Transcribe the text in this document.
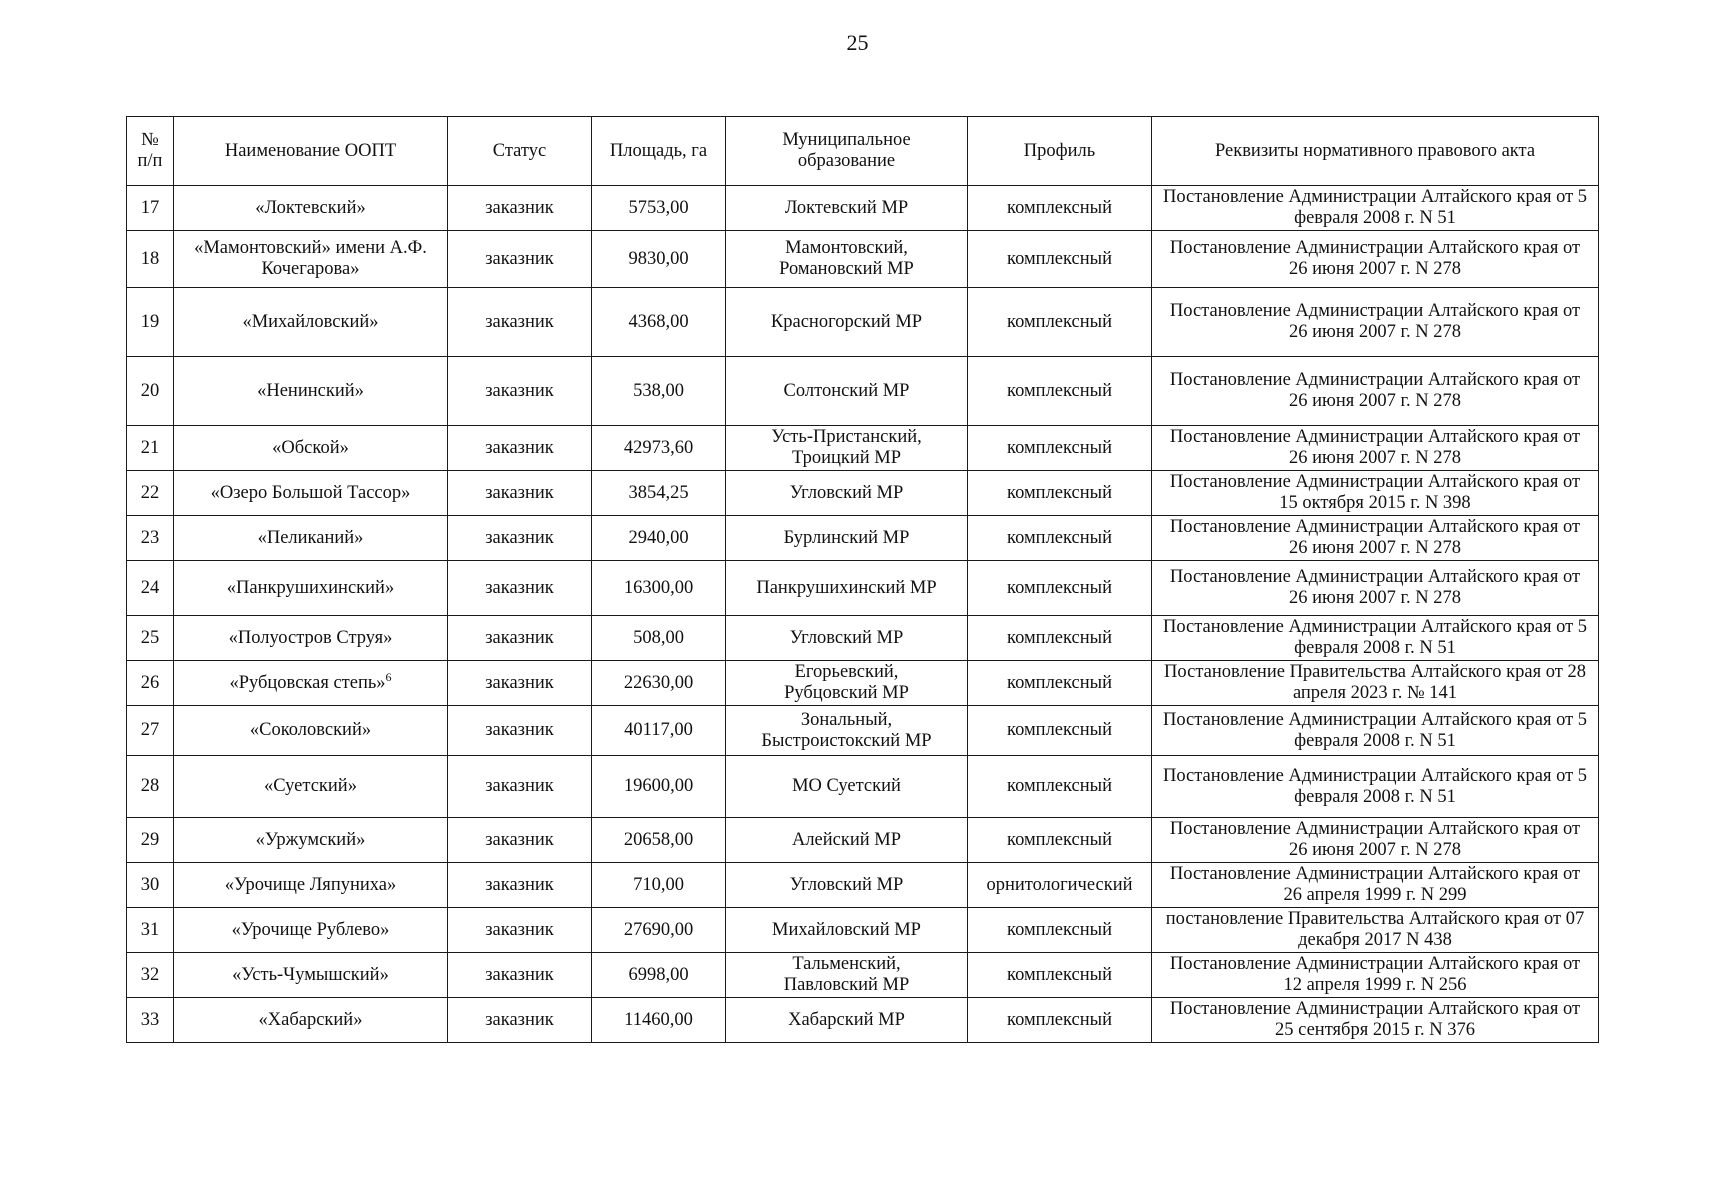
25
№ п/п	Наименование ООПТ	Статус	Площадь, га	Муниципальное образование	Профиль	Реквизиты нормативного правового акта
17	«Локтевский»	заказник	5753,00	Локтевский МР	комплексный	Постановление Администрации Алтайского края от 5 февраля 2008 г. N 51
18	«Мамонтовский» имени А.Ф. Кочегарова»	заказник	9830,00	Мамонтовский, Романовский МР	комплексный	Постановление Администрации Алтайского края от 26 июня 2007 г. N 278
19	«Михайловский»	заказник	4368,00	Красногорский МР	комплексный	Постановление Администрации Алтайского края от 26 июня 2007 г. N 278
20	«Ненинский»	заказник	538,00	Солтонский МР	комплексный	Постановление Администрации Алтайского края от 26 июня 2007 г. N 278
21	«Обской»	заказник	42973,60	Усть-Пристанский, Троицкий МР	комплексный	Постановление Администрации Алтайского края от 26 июня 2007 г. N 278
22	«Озеро Большой Тассор»	заказник	3854,25	Угловский МР	комплексный	Постановление Администрации Алтайского края от 15 октября 2015 г. N 398
23	«Пеликаний»	заказник	2940,00	Бурлинский МР	комплексный	Постановление Администрации Алтайского края от 26 июня 2007 г. N 278
24	«Панкрушихинский»	заказник	16300,00	Панкрушихинский МР	комплексный	Постановление Администрации Алтайского края от 26 июня 2007 г. N 278
25	«Полуостров Струя»	заказник	508,00	Угловский МР	комплексный	Постановление Администрации Алтайского края от 5 февраля 2008 г. N 51
26	«Рубцовская степь»$^6$	заказник	22630,00	Егорьевский, Рубцовский МР	комплексный	Постановление Правительства Алтайского края от 28 апреля 2023 г. № 141
27	«Соколовский»	заказник	40117,00	Зональный, Быстроистокский МР	комплексный	Постановление Администрации Алтайского края от 5 февраля 2008 г. N 51
28	«Суетский»	заказник	19600,00	МО Суетский	комплексный	Постановление Администрации Алтайского края от 5 февраля 2008 г. N 51
29	«Уржумский»	заказник	20658,00	Алейский МР	комплексный	Постановление Администрации Алтайского края от 26 июня 2007 г. N 278
30	«Урочище Ляпуниха»	заказник	710,00	Угловский МР	орнитологический	Постановление Администрации Алтайского края от 26 апреля 1999 г. N 299
31	«Урочище Рублево»	заказник	27690,00	Михайловский МР	комплексный	постановление Правительства Алтайского края от 07 декабря 2017 N 438
32	«Усть-Чумышский»	заказник	6998,00	Тальменский, Павловский МР	комплексный	Постановление Администрации Алтайского края от 12 апреля 1999 г. N 256
33	«Хабарский»	заказник	11460,00	Хабарский МР	комплексный	Постановление Администрации Алтайского края от 25 сентября 2015 г. N 376
